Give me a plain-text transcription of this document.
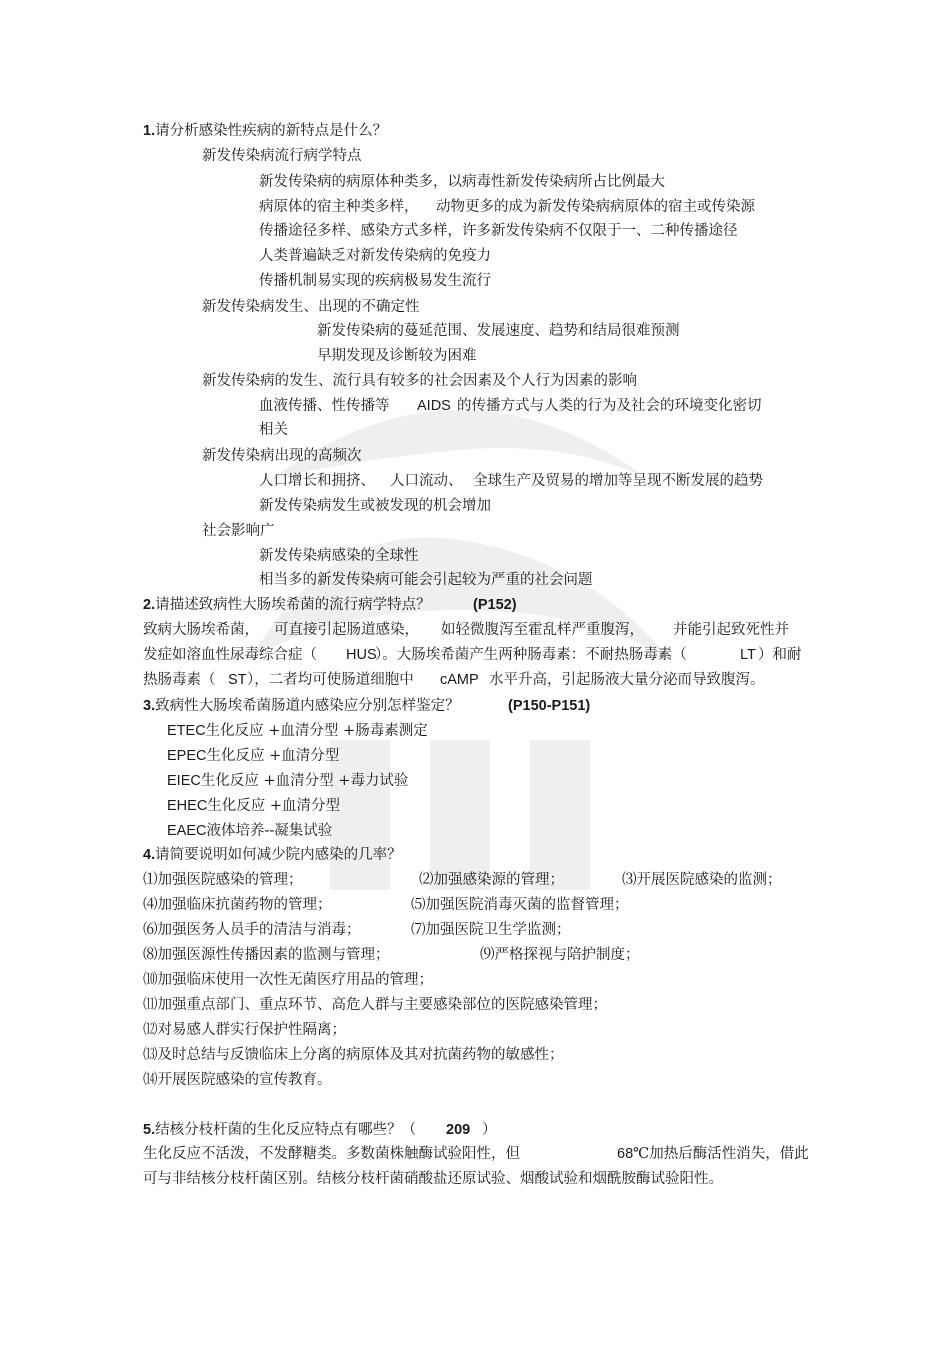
1.请分析感染性疾病的新特点是什么？
新发传染病流行病学特点
新发传染病的病原体种类多，以病毒性新发传染病所占比例最大
病原体的宿主种类多样， 动物更多的成为新发传染病病原体的宿主或传染源
传播途径多样、感染方式多样，许多新发传染病不仅限于一、二种传播途径
人类普遍缺乏对新发传染病的免疫力
传播机制易实现的疾病极易发生流行
新发传染病发生、出现的不确定性
新发传染病的蔓延范围、发展速度、趋势和结局很难预测
早期发现及诊断较为困难
新发传染病的发生、流行具有较多的社会因素及个人行为因素的影响
血液传播、性传播等 AIDS 的传播方式与人类的行为及社会的环境变化密切
相关
新发传染病出现的高频次
人口增长和拥挤、 人口流动、 全球生产及贸易的增加等呈现不断发展的趋势
新发传染病发生或被发现的机会增加
社会影响广
新发传染病感染的全球性
相当多的新发传染病可能会引起较为严重的社会问题
2.请描述致病性大肠埃希菌的流行病学特点？	(P152)
致病大肠埃希菌， 可直接引起肠道感染， 如轻微腹泻至霍乱样严重腹泻， 并能引起致死性并
发症如溶血性尿毒综合症（ HUS
）。大肠埃希菌产生两种肠毒素：不耐热肠毒素（	LT ）和耐
热肠毒素（ ST ），二者均可使肠道细胞中 cAMP 水平升高，引起肠液大量分泌而导致腹泻。
3.致病性大肠埃希菌肠道内感染应分别怎样鉴定？	(P150-P151)
ETEC生化反应 +血清分型 +肠毒素测定
EPEC生化反应 +血清分型
EIEC生化反应 +血清分型 +毒力试验
EHEC生化反应 +血清分型
EAEC液体培养--凝集试验
4.请简要说明如何减少院内感染的几率？
⑴加强医院感染的管理；	⑵加强感染源的管理；	⑶开展医院感染的监测；
⑷加强临床抗菌药物的管理；	⑸加强医院消毒灭菌的监督管理；
⑹加强医务人员手的清洁与消毒；	⑺加强医院卫生学监测；
⑻加强医源性传播因素的监测与管理；	⑼严格探视与陪护制度；
⑽加强临床使用一次性无菌医疗用品的管理；
⑾加强重点部门、重点环节、高危人群与主要感染部位的医院感染管理；
⑿对易感人群实行保护性隔离；
⒀及时总结与反馈临床上分离的病原体及其对抗菌药物的敏感性；
⒁开展医院感染的宣传教育。
5.结核分枝杆菌的生化反应特点有哪些？（ 209 ）
生化反应不活泼，不发酵糖类。多数菌株触酶试验阳性，但	68 ℃加热后酶活性消失，借此
可与非结核分枝杆菌区别。结核分枝杆菌硝酸盐还原试验、烟酸试验和烟酰胺酶试验阳性。
